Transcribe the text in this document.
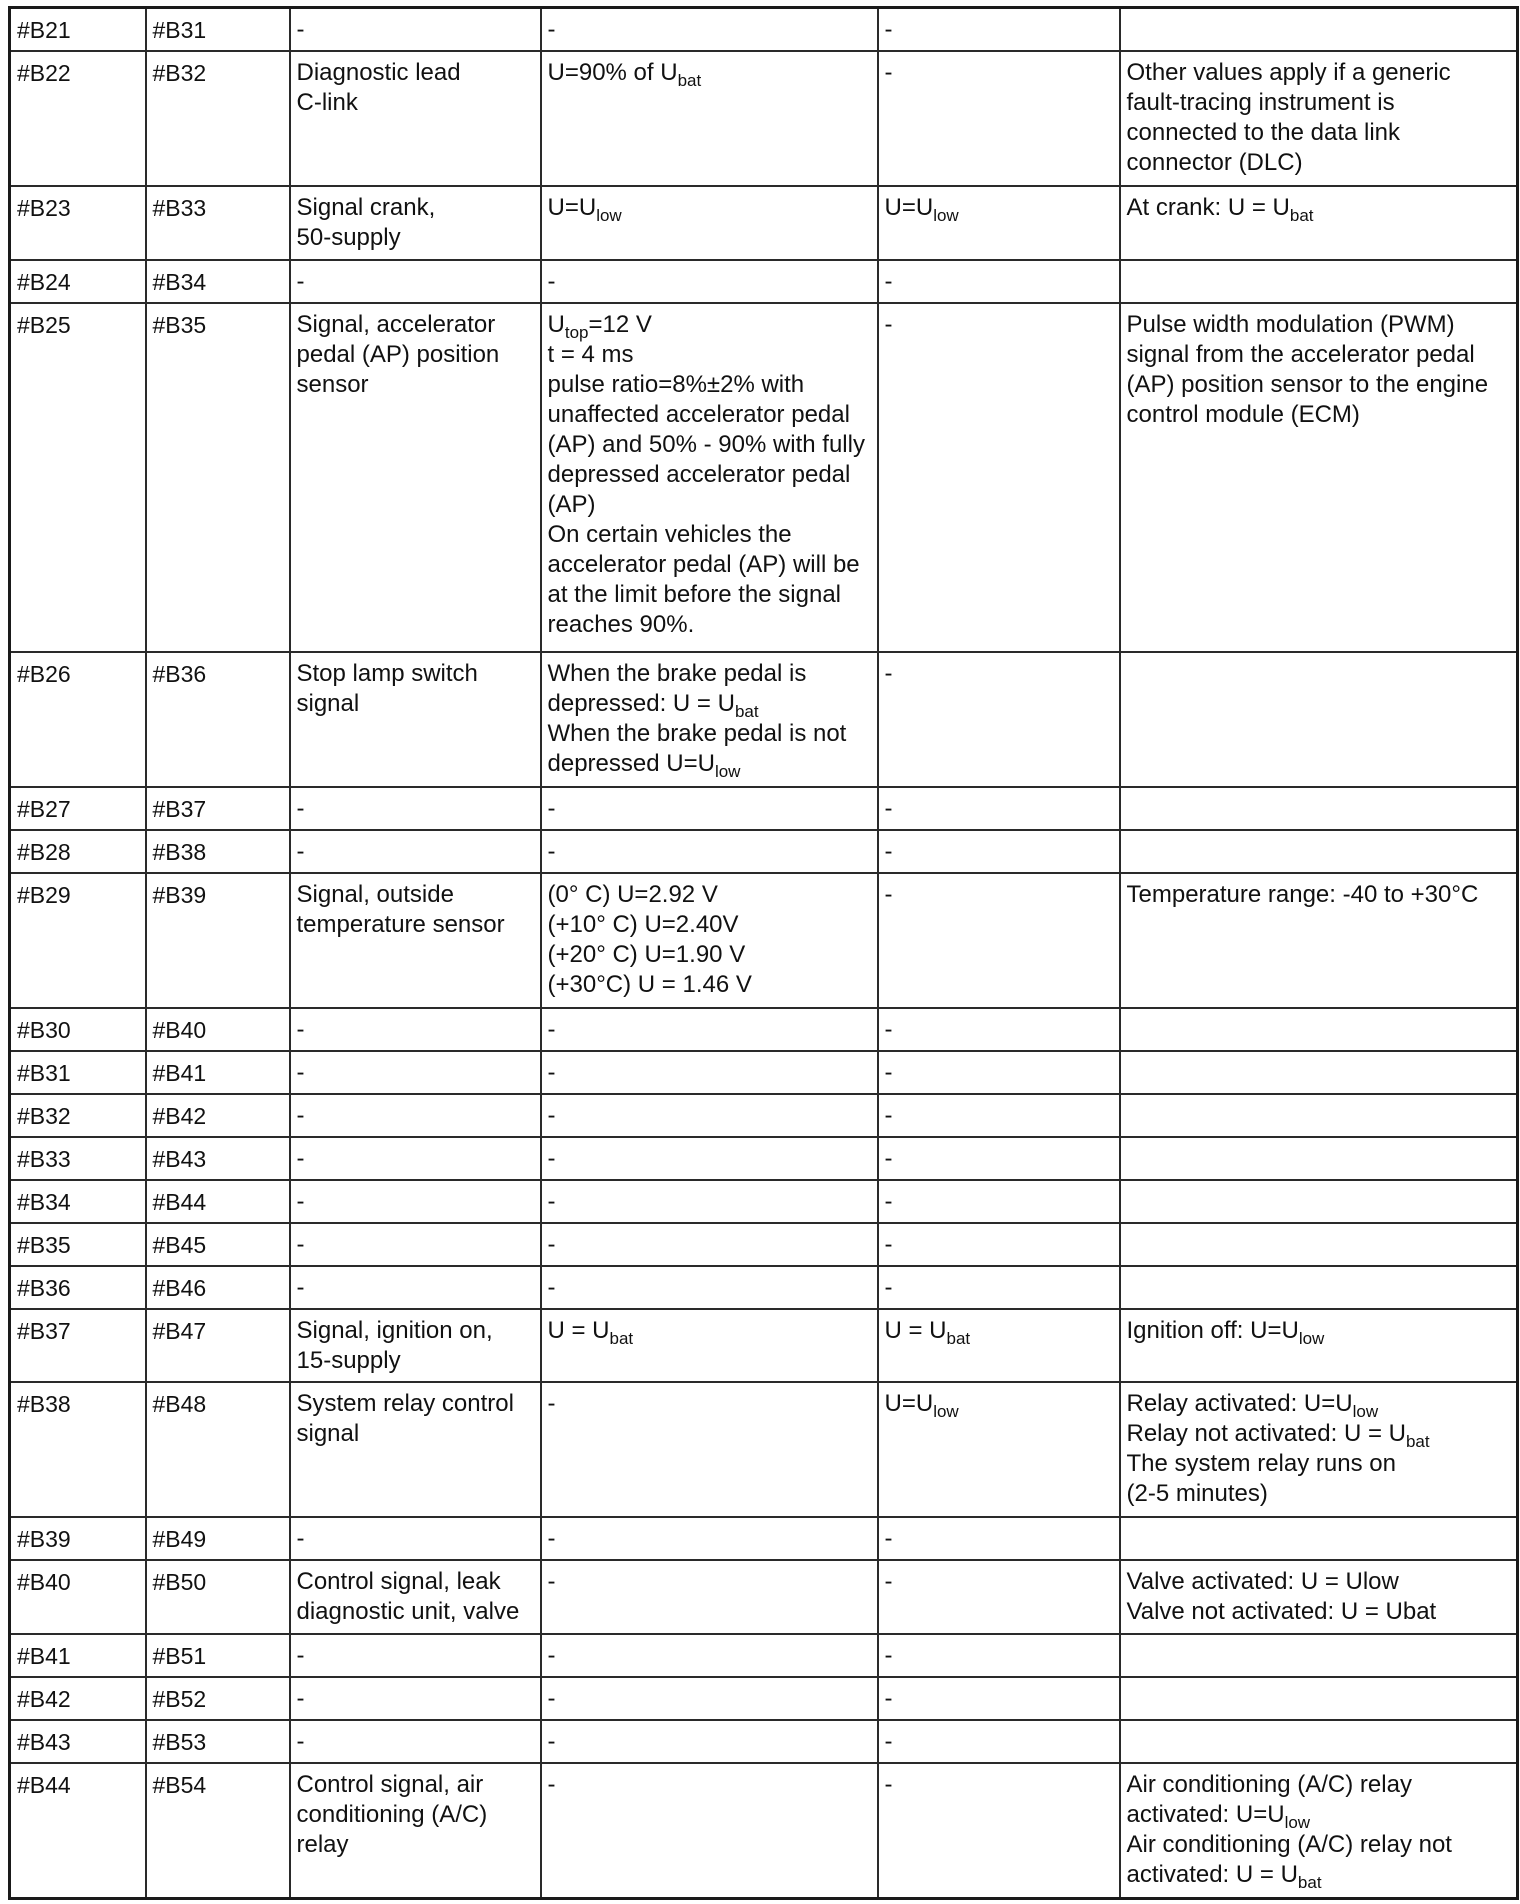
#B21	#B31	-	-	-	

#B22	#B32	Diagnostic lead
C-link	U=90% of $U_{bat}$	-	Other values apply if a generic fault-tracing instrument is connected to the data link connector (DLC)

#B23	#B33	Signal crank,
50-supply	$U=U_{low}$	$U=U_{low}$	At crank: $U = U_{bat}$

#B24	#B34	-	-	-	

#B25	#B35	Signal, accelerator pedal (AP) position sensor	$U_{top}=12$ V
t = 4 ms
pulse ratio=8%±2% with unaffected accelerator pedal (AP) and 50% - 90% with fully depressed accelerator pedal (AP)
On certain vehicles the accelerator pedal (AP) will be at the limit before the signal reaches 90%.	-	Pulse width modulation (PWM) signal from the accelerator pedal (AP) position sensor to the engine control module (ECM)

#B26	#B36	Stop lamp switch signal	When the brake pedal is depressed: $U = U_{bat}$
When the brake pedal is not depressed $U=U_{low}$	-	

#B27	#B37	-	-	-	

#B28	#B38	-	-	-	

#B29	#B39	Signal, outside temperature sensor	(0° C) U=2.92 V
(+10° C) U=2.40V
(+20° C) U=1.90 V
(+30°C) U = 1.46 V	-	Temperature range: -40 to +30°C

#B30	#B40	-	-	-	

#B31	#B41	-	-	-	

#B32	#B42	-	-	-	

#B33	#B43	-	-	-	

#B34	#B44	-	-	-	

#B35	#B45	-	-	-	

#B36	#B46	-	-	-	

#B37	#B47	Signal, ignition on,
15-supply	$U = U_{bat}$	$U = U_{bat}$	Ignition off: $U=U_{low}$

#B38	#B48	System relay control signal	-	$U=U_{low}$	Relay activated: $U=U_{low}$
Relay not activated: $U = U_{bat}$
The system relay runs on
(2-5 minutes)

#B39	#B49	-	-	-	

#B40	#B50	Control signal, leak diagnostic unit, valve	-	-	Valve activated: U = Ulow
Valve not activated: U = Ubat

#B41	#B51	-	-	-	

#B42	#B52	-	-	-	

#B43	#B53	-	-	-	

#B44	#B54	Control signal, air conditioning (A/C) relay	-	-	Air conditioning (A/C) relay activated: $U=U_{low}$
Air conditioning (A/C) relay not activated: $U = U_{bat}$
